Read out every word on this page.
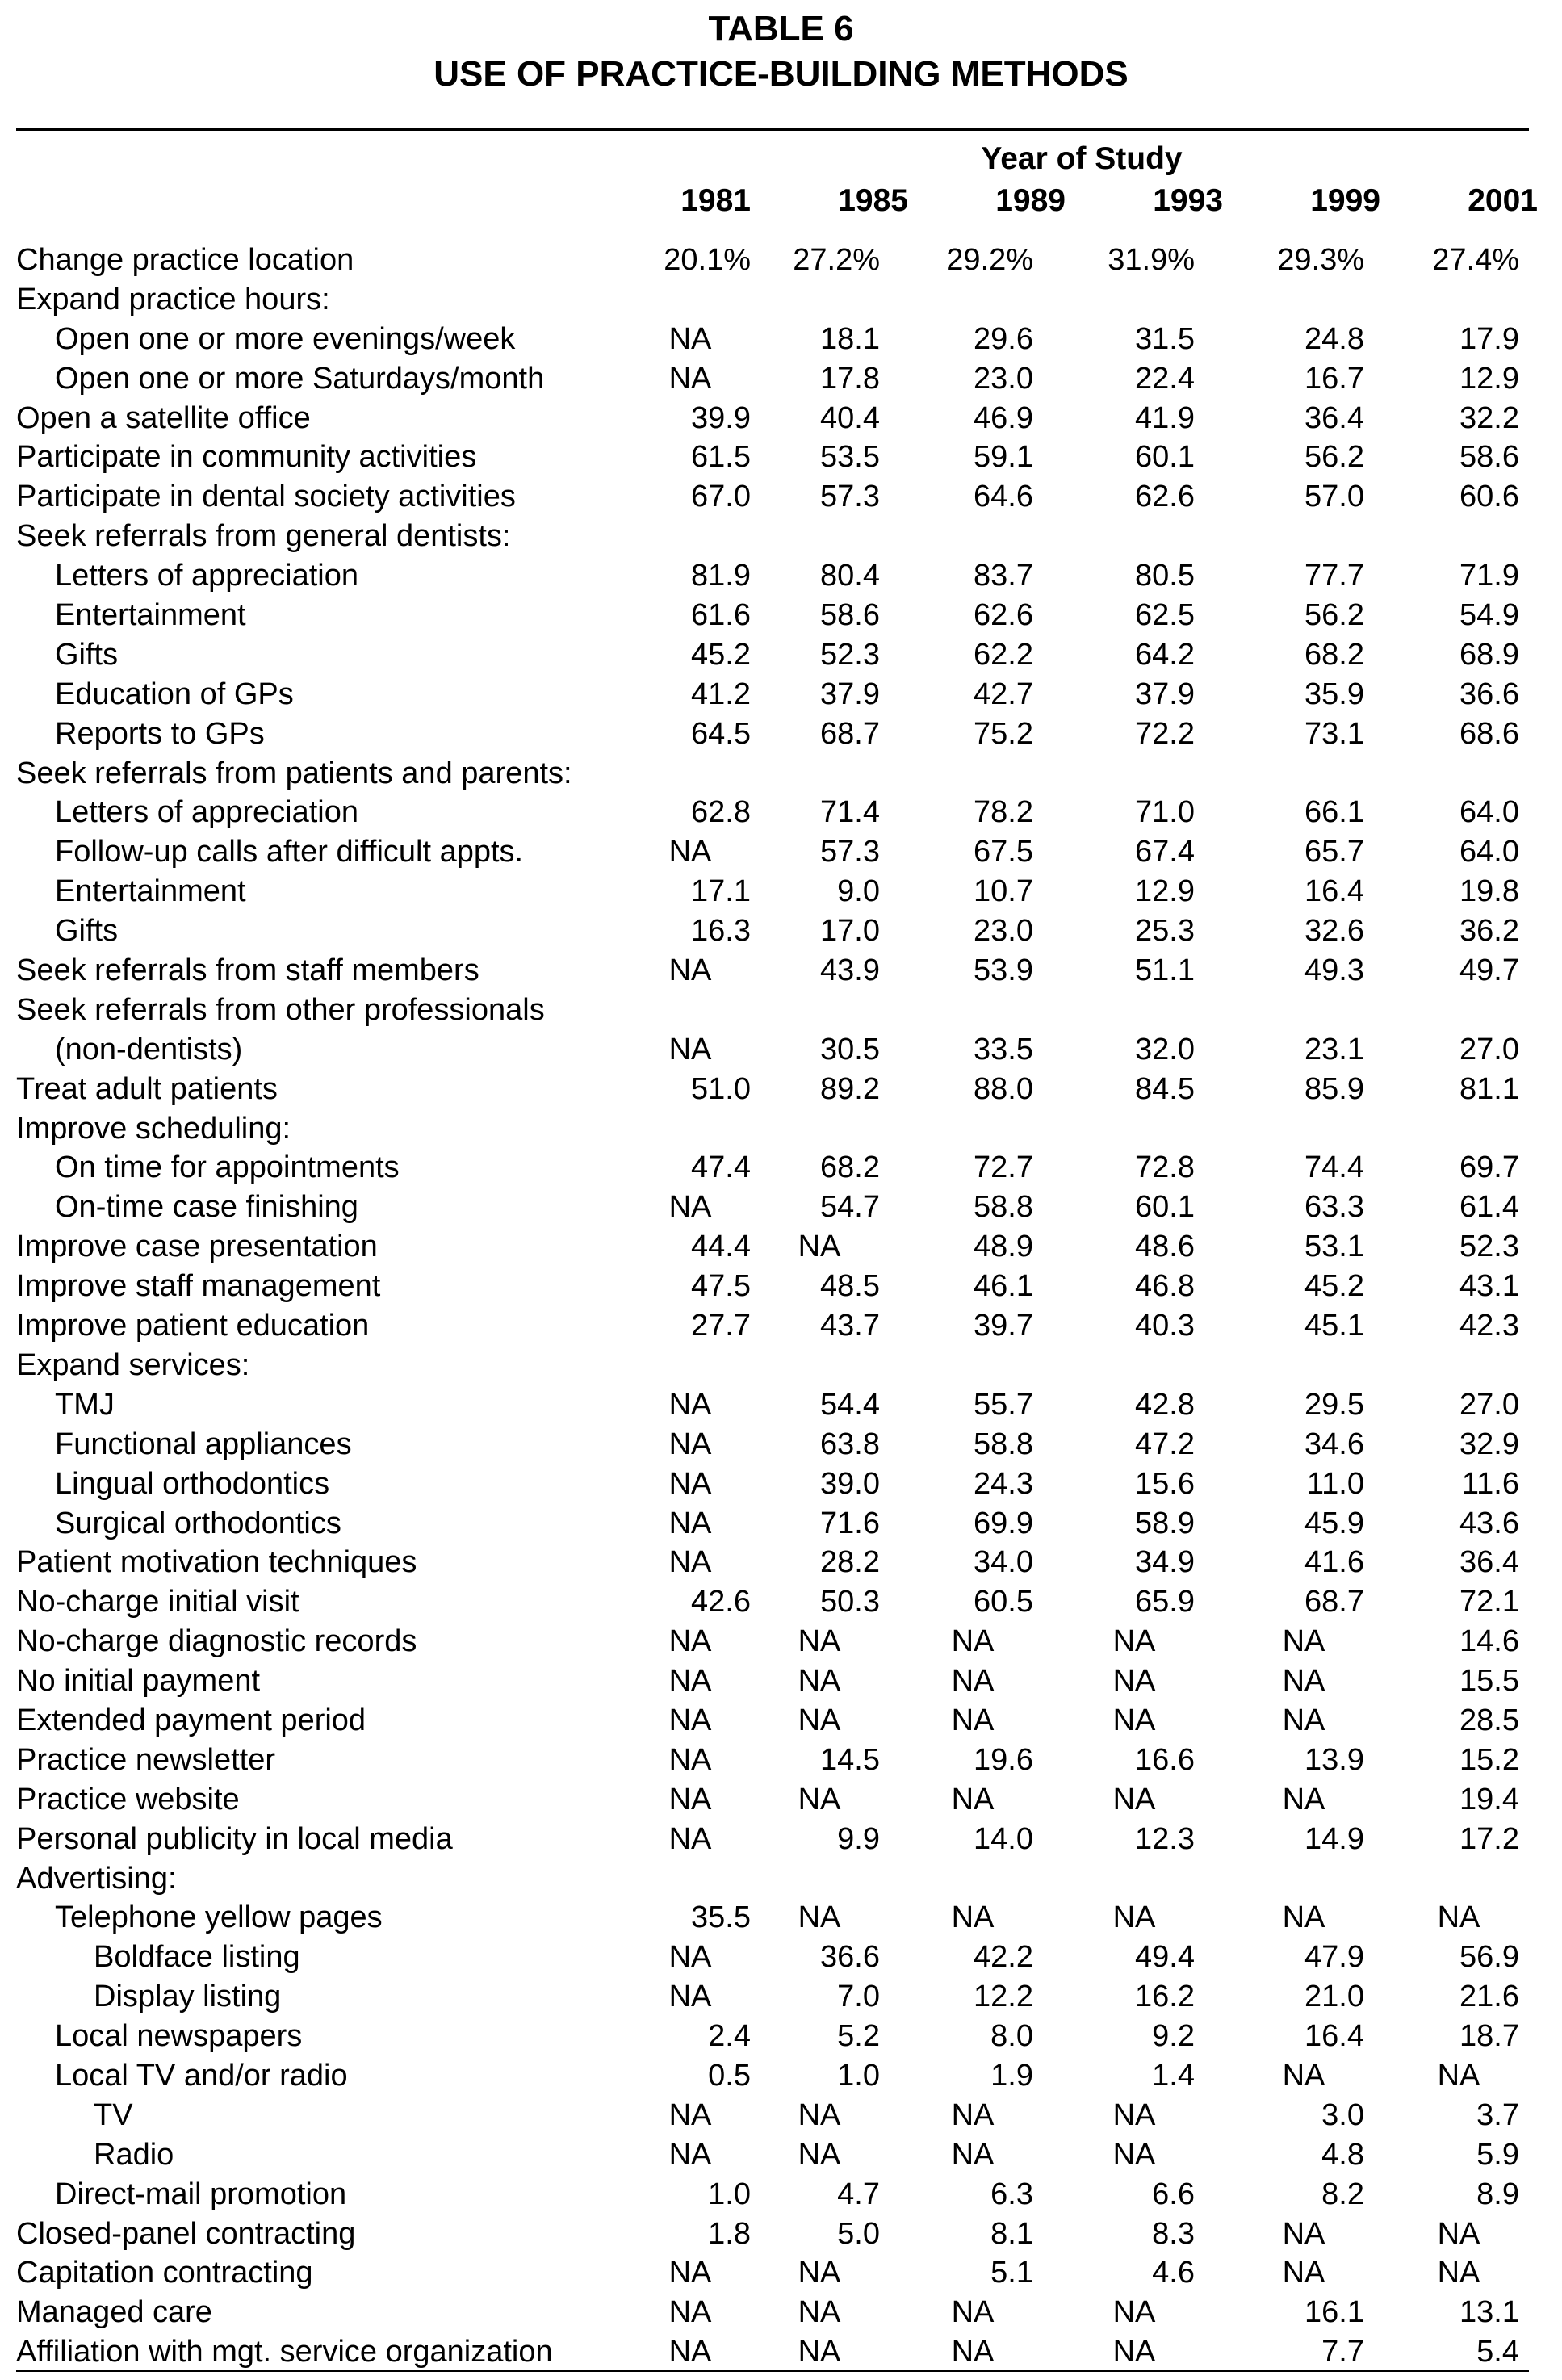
TABLE 6
USE OF PRACTICE-BUILDING METHODS
Year of Study
1981	1985	1989	1993	1999	2001
Change practice location	20.1%	27.2%	29.2%	31.9%	29.3%	27.4%
Expand practice hours:
Open one or more evenings/week	NA	18.1	29.6	31.5	24.8	17.9
Open one or more Saturdays/month	NA	17.8	23.0	22.4	16.7	12.9
Open a satellite office	39.9	40.4	46.9	41.9	36.4	32.2
Participate in community activities	61.5	53.5	59.1	60.1	56.2	58.6
Participate in dental society activities	67.0	57.3	64.6	62.6	57.0	60.6
Seek referrals from general dentists:
Letters of appreciation	81.9	80.4	83.7	80.5	77.7	71.9
Entertainment	61.6	58.6	62.6	62.5	56.2	54.9
Gifts	45.2	52.3	62.2	64.2	68.2	68.9
Education of GPs	41.2	37.9	42.7	37.9	35.9	36.6
Reports to GPs	64.5	68.7	75.2	72.2	73.1	68.6
Seek referrals from patients and parents:
Letters of appreciation	62.8	71.4	78.2	71.0	66.1	64.0
Follow-up calls after difficult appts.	NA	57.3	67.5	67.4	65.7	64.0
Entertainment	17.1	9.0	10.7	12.9	16.4	19.8
Gifts	16.3	17.0	23.0	25.3	32.6	36.2
Seek referrals from staff members	NA	43.9	53.9	51.1	49.3	49.7
Seek referrals from other professionals
(non-dentists)	NA	30.5	33.5	32.0	23.1	27.0
Treat adult patients	51.0	89.2	88.0	84.5	85.9	81.1
Improve scheduling:
On time for appointments	47.4	68.2	72.7	72.8	74.4	69.7
On-time case finishing	NA	54.7	58.8	60.1	63.3	61.4
Improve case presentation	44.4	NA	48.9	48.6	53.1	52.3
Improve staff management	47.5	48.5	46.1	46.8	45.2	43.1
Improve patient education	27.7	43.7	39.7	40.3	45.1	42.3
Expand services:
TMJ	NA	54.4	55.7	42.8	29.5	27.0
Functional appliances	NA	63.8	58.8	47.2	34.6	32.9
Lingual orthodontics	NA	39.0	24.3	15.6	11.0	11.6
Surgical orthodontics	NA	71.6	69.9	58.9	45.9	43.6
Patient motivation techniques	NA	28.2	34.0	34.9	41.6	36.4
No-charge initial visit	42.6	50.3	60.5	65.9	68.7	72.1
No-charge diagnostic records	NA	NA	NA	NA	NA	14.6
No initial payment	NA	NA	NA	NA	NA	15.5
Extended payment period	NA	NA	NA	NA	NA	28.5
Practice newsletter	NA	14.5	19.6	16.6	13.9	15.2
Practice website	NA	NA	NA	NA	NA	19.4
Personal publicity in local media	NA	9.9	14.0	12.3	14.9	17.2
Advertising:
Telephone yellow pages	35.5	NA	NA	NA	NA	NA
Boldface listing	NA	36.6	42.2	49.4	47.9	56.9
Display listing	NA	7.0	12.2	16.2	21.0	21.6
Local newspapers	2.4	5.2	8.0	9.2	16.4	18.7
Local TV and/or radio	0.5	1.0	1.9	1.4	NA	NA
TV	NA	NA	NA	NA	3.0	3.7
Radio	NA	NA	NA	NA	4.8	5.9
Direct-mail promotion	1.0	4.7	6.3	6.6	8.2	8.9
Closed-panel contracting	1.8	5.0	8.1	8.3	NA	NA
Capitation contracting	NA	NA	5.1	4.6	NA	NA
Managed care	NA	NA	NA	NA	16.1	13.1
Affiliation with mgt. service organization	NA	NA	NA	NA	7.7	5.4
